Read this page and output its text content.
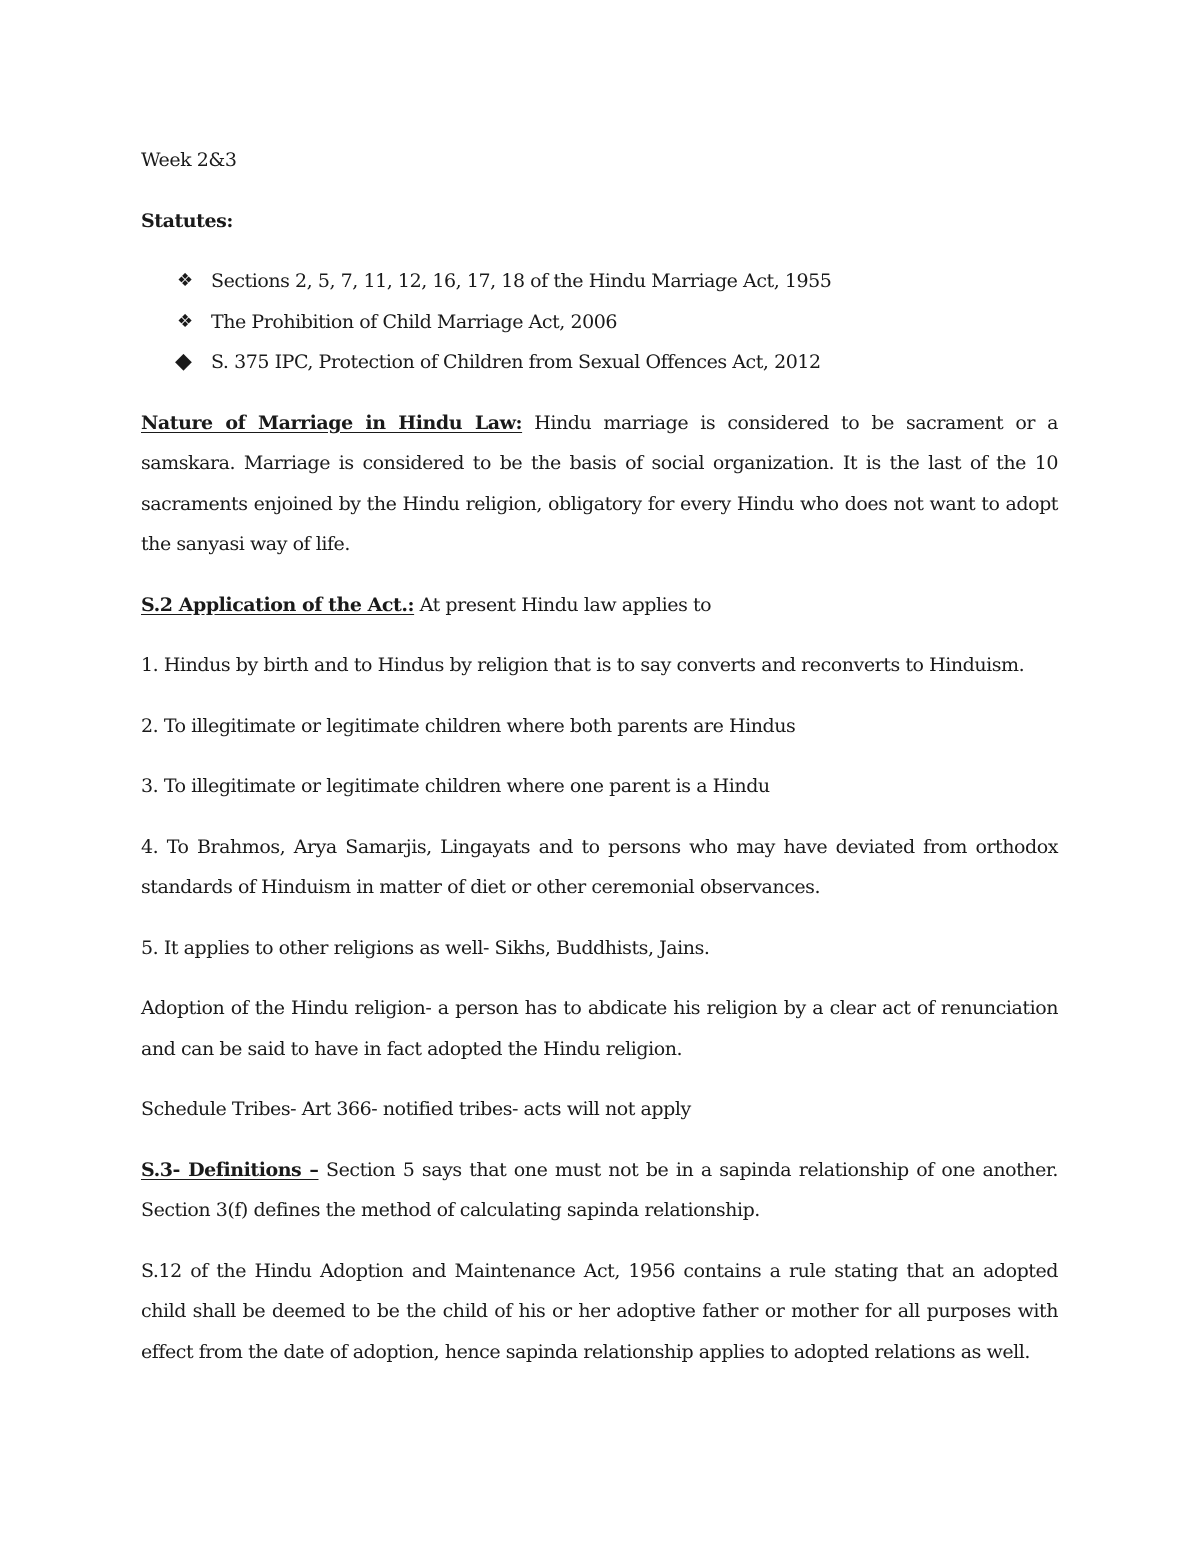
Week 2&3

Statutes:

❖ Sections 2, 5, 7, 11, 12, 16, 17, 18 of the Hindu Marriage Act, 1955
❖ The Prohibition of Child Marriage Act, 2006
◆ S. 375 IPC, Protection of Children from Sexual Offences Act, 2012

Nature of Marriage in Hindu Law: Hindu marriage is considered to be sacrament or a samskara. Marriage is considered to be the basis of social organization. It is the last of the 10 sacraments enjoined by the Hindu religion, obligatory for every Hindu who does not want to adopt the sanyasi way of life.

S.2 Application of the Act.: At present Hindu law applies to

1. Hindus by birth and to Hindus by religion that is to say converts and reconverts to Hinduism.

2. To illegitimate or legitimate children where both parents are Hindus

3. To illegitimate or legitimate children where one parent is a Hindu

4. To Brahmos, Arya Samarjis, Lingayats and to persons who may have deviated from orthodox standards of Hinduism in matter of diet or other ceremonial observances.

5. It applies to other religions as well- Sikhs, Buddhists, Jains.

Adoption of the Hindu religion- a person has to abdicate his religion by a clear act of renunciation and can be said to have in fact adopted the Hindu religion.

Schedule Tribes- Art 366- notified tribes- acts will not apply

S.3- Definitions – Section 5 says that one must not be in a sapinda relationship of one another. Section 3(f) defines the method of calculating sapinda relationship.

S.12 of the Hindu Adoption and Maintenance Act, 1956 contains a rule stating that an adopted child shall be deemed to be the child of his or her adoptive father or mother for all purposes with effect from the date of adoption, hence sapinda relationship applies to adopted relations as well.
